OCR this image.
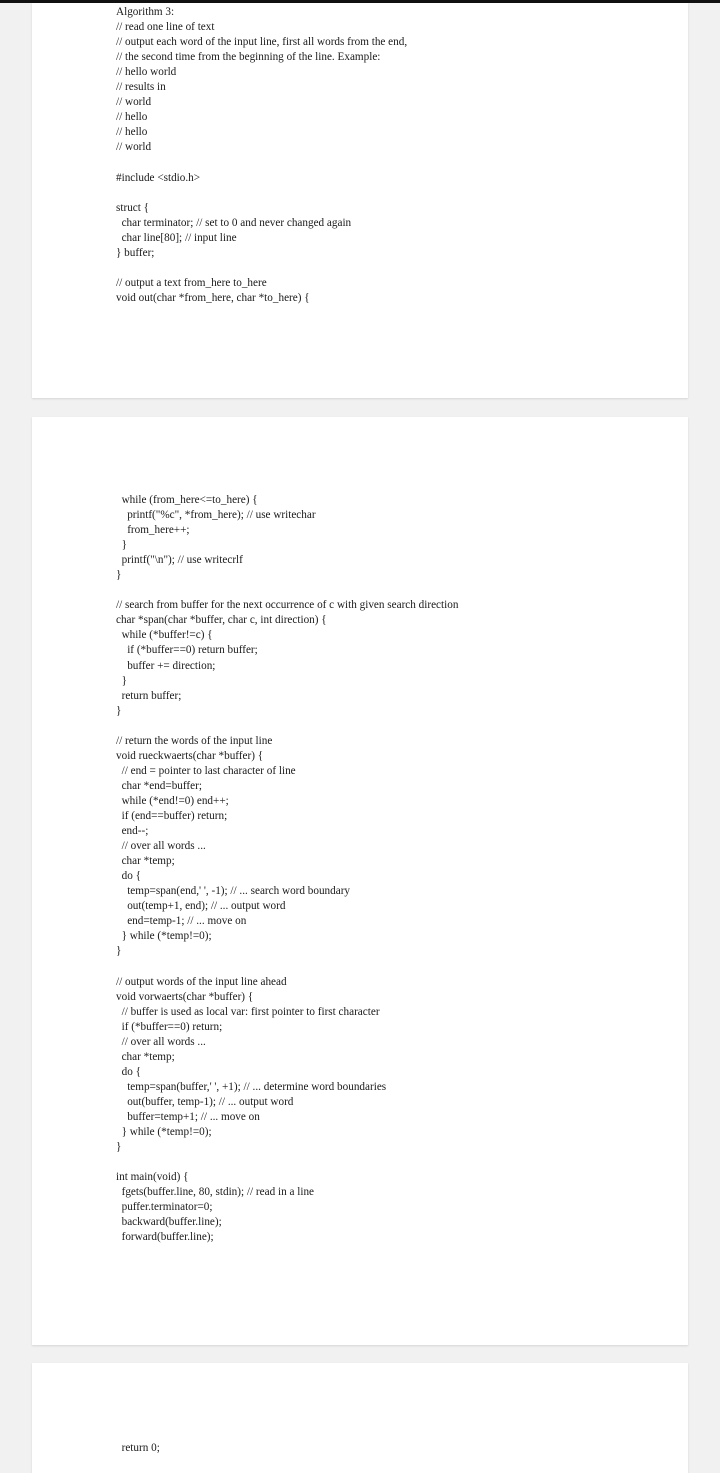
Algorithm 3:
// read one line of text
// output each word of the input line, first all words from the end,
// the second time from the beginning of the line. Example:
// hello world
// results in
// world
// hello
// hello
// world

#include <stdio.h>

struct {
char terminator; // set to 0 and never changed again
char line[80]; // input line
} buffer;

// output a text from_here to_here
void out(char *from_here, char *to_here) {
while (from_here<=to_here) {
printf("%c", *from_here); // use writechar
from_here++;
}
printf("\n"); // use writecrlf
}

// search from buffer for the next occurrence of c with given search direction
char *span(char *buffer, char c, int direction) {
while (*buffer!=c) {
if (*buffer==0) return buffer;
buffer += direction;
}
return buffer;
}

// return the words of the input line
void rueckwaerts(char *buffer) {
// end = pointer to last character of line
char *end=buffer;
while (*end!=0) end++;
if (end==buffer) return;
end--;
// over all words ...
char *temp;
do {
temp=span(end,' ', -1); // ... search word boundary
out(temp+1, end); // ... output word
end=temp-1; // ... move on
} while (*temp!=0);
}

// output words of the input line ahead
void vorwaerts(char *buffer) {
// buffer is used as local var: first pointer to first character
if (*buffer==0) return;
// over all words ...
char *temp;
do {
temp=span(buffer,' ', +1); // ... determine word boundaries
out(buffer, temp-1); // ... output word
buffer=temp+1; // ... move on
} while (*temp!=0);
}

int main(void) {
fgets(buffer.line, 80, stdin); // read in a line
puffer.terminator=0;
backward(buffer.line);
forward(buffer.line);
return 0;
